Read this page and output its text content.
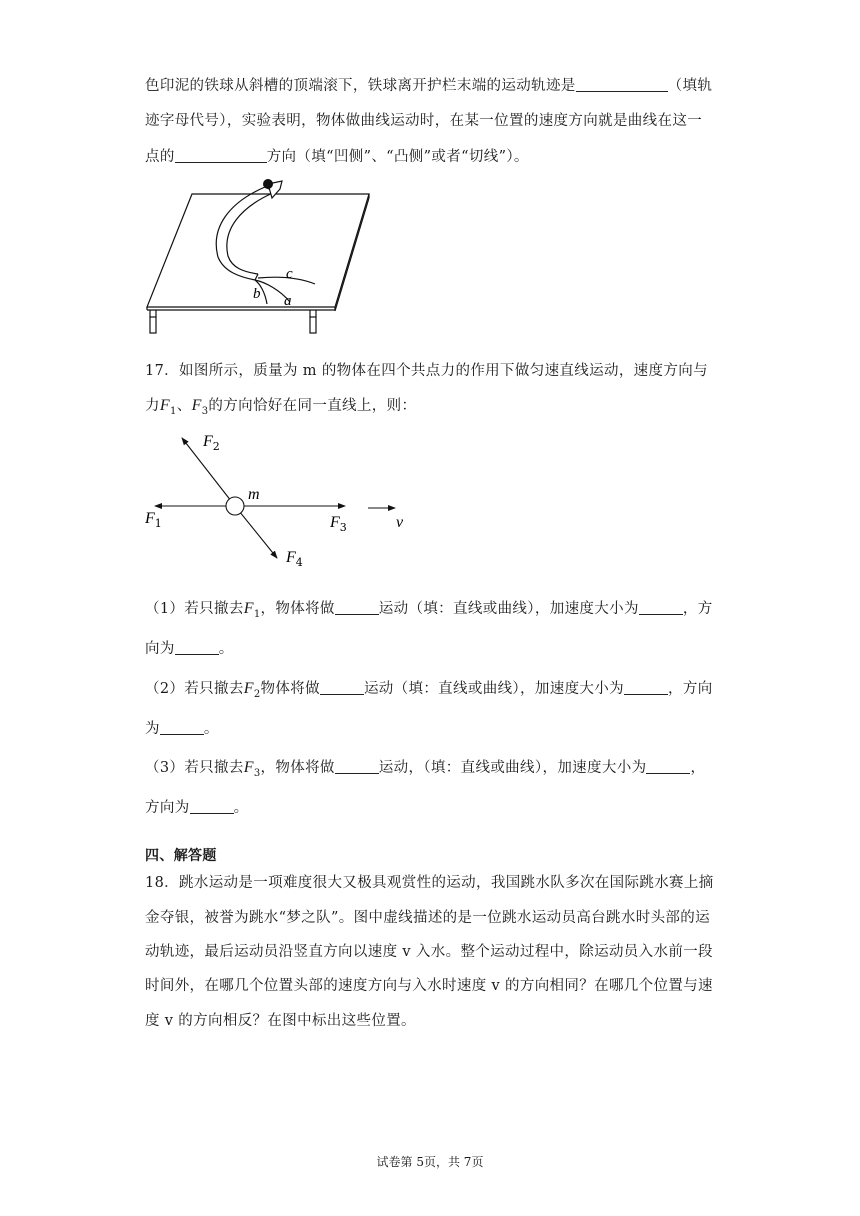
色印泥的铁球从斜槽的顶端滚下，铁球离开护栏末端的运动轨迹是	（填轨
迹字母代号），实验表明，物体做曲线运动时，在某一位置的速度方向就是曲线在这一
点的	方向（填“凹侧”、“凸侧”或者“切线”）。
c
b a
17．如图所示，质量为 m 的物体在四个共点力的作用下做匀速直线运动，速度方向与
力$F_1$、$F_3$的方向恰好在同一直线上，则：
m
$F_2$
$F_1$	$F_3$
$F_4$
v
（1）若只撤去$F_1$，物体将做	运动（填：直线或曲线），加速度大小为	，方
向为	。
（2）若只撤去$F_2$物体将做	运动（填：直线或曲线），加速度大小为	，方向
为	。
（3）若只撤去$F_3$，物体将做	运动，（填：直线或曲线），加速度大小为	，
方向为	。
四、解答题
18．跳水运动是一项难度很大又极具观赏性的运动，我国跳水队多次在国际跳水赛上摘
金夺银，被誉为跳水“梦之队”。图中虚线描述的是一位跳水运动员高台跳水时头部的运
动轨迹，最后运动员沿竖直方向以速度 v 入水。整个运动过程中，除运动员入水前一段
时间外，在哪几个位置头部的速度方向与入水时速度 v 的方向相同？在哪几个位置与速
度 v 的方向相反？在图中标出这些位置。
试卷第 5页，共 7页
